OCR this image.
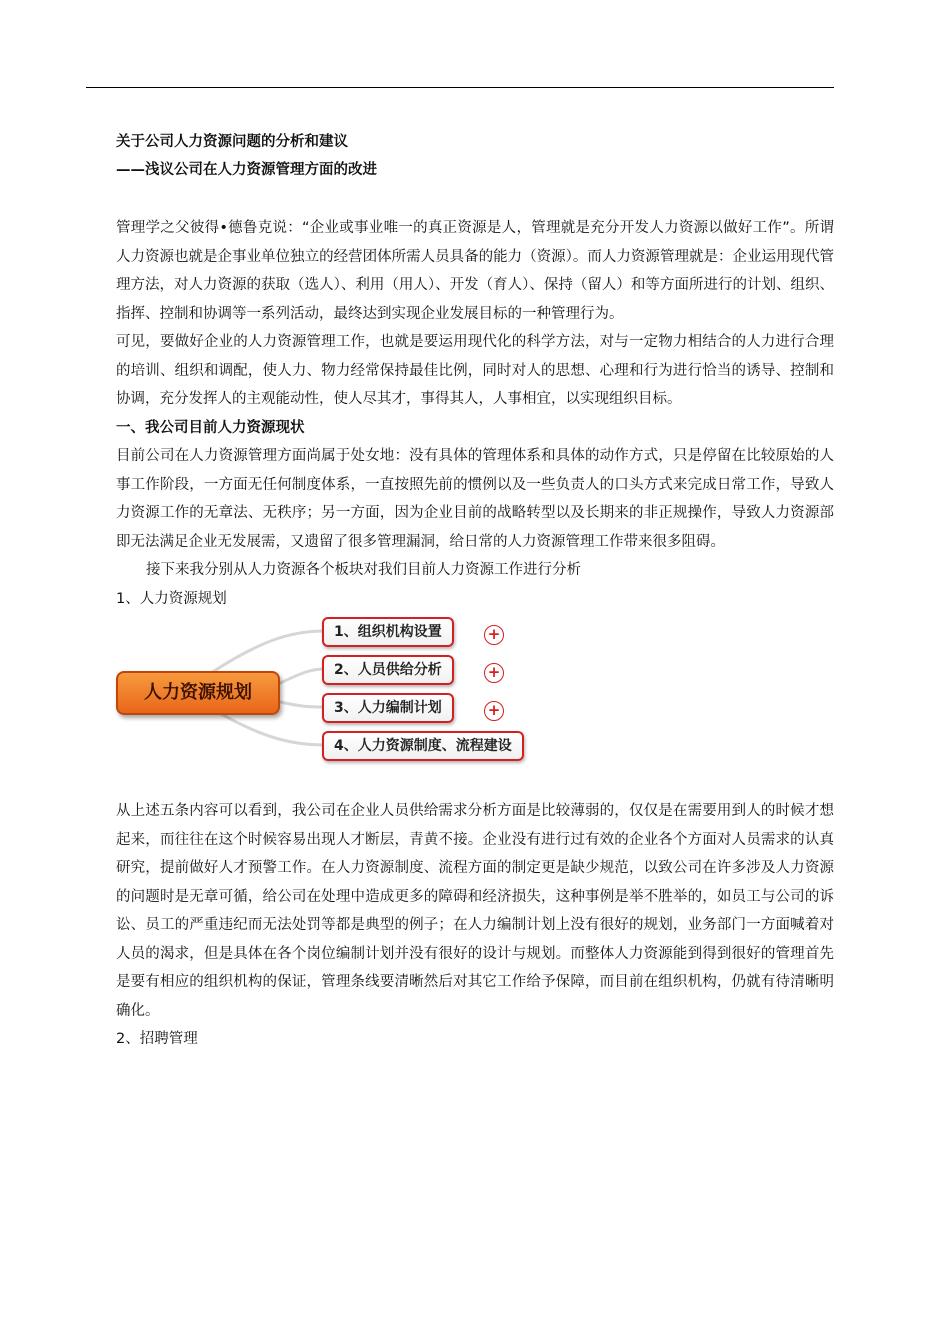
关于公司人力资源问题的分析和建议

——浅议公司在人力资源管理方面的改进

管理学之父彼得•德鲁克说：“企业或事业唯一的真正资源是人，管理就是充分开发人力资源以做好工作”。所谓人力资源也就是企事业单位独立的经营团体所需人员具备的能力（资源）。而人力资源管理就是：企业运用现代管理方法，对人力资源的获取（选人）、利用（用人）、开发（育人）、保持（留人）和等方面所进行的计划、组织、指挥、控制和协调等一系列活动，最终达到实现企业发展目标的一种管理行为。

可见，要做好企业的人力资源管理工作，也就是要运用现代化的科学方法，对与一定物力相结合的人力进行合理的培训、组织和调配，使人力、物力经常保持最佳比例，同时对人的思想、心理和行为进行恰当的诱导、控制和协调，充分发挥人的主观能动性，使人尽其才，事得其人，人事相宜，以实现组织目标。

一、我公司目前人力资源现状

目前公司在人力资源管理方面尚属于处女地：没有具体的管理体系和具体的动作方式，只是停留在比较原始的人事工作阶段，一方面无任何制度体系，一直按照先前的惯例以及一些负责人的口头方式来完成日常工作，导致人力资源工作的无章法、无秩序；另一方面，因为企业目前的战略转型以及长期来的非正规操作，导致人力资源部即无法满足企业无发展需，又遗留了很多管理漏洞，给日常的人力资源管理工作带来很多阻碍。

接下来我分别从人力资源各个板块对我们目前人力资源工作进行分析

1、人力资源规划

人力资源规划
1、组织机构设置	+
2、人员供给分析	+
3、人力编制计划	+
4、人力资源制度、流程建设

从上述五条内容可以看到，我公司在企业人员供给需求分析方面是比较薄弱的，仅仅是在需要用到人的时候才想起来，而往往在这个时候容易出现人才断层，青黄不接。企业没有进行过有效的企业各个方面对人员需求的认真研究，提前做好人才预警工作。在人力资源制度、流程方面的制定更是缺少规范，以致公司在许多涉及人力资源的问题时是无章可循，给公司在处理中造成更多的障碍和经济损失，这种事例是举不胜举的，如员工与公司的诉讼、员工的严重违纪而无法处罚等都是典型的例子；在人力编制计划上没有很好的规划，业务部门一方面喊着对人员的渴求，但是具体在各个岗位编制计划并没有很好的设计与规划。而整体人力资源能到得到很好的管理首先是要有相应的组织机构的保证，管理条线要清晰然后对其它工作给予保障，而目前在组织机构，仍就有待清晰明确化。

2、招聘管理
